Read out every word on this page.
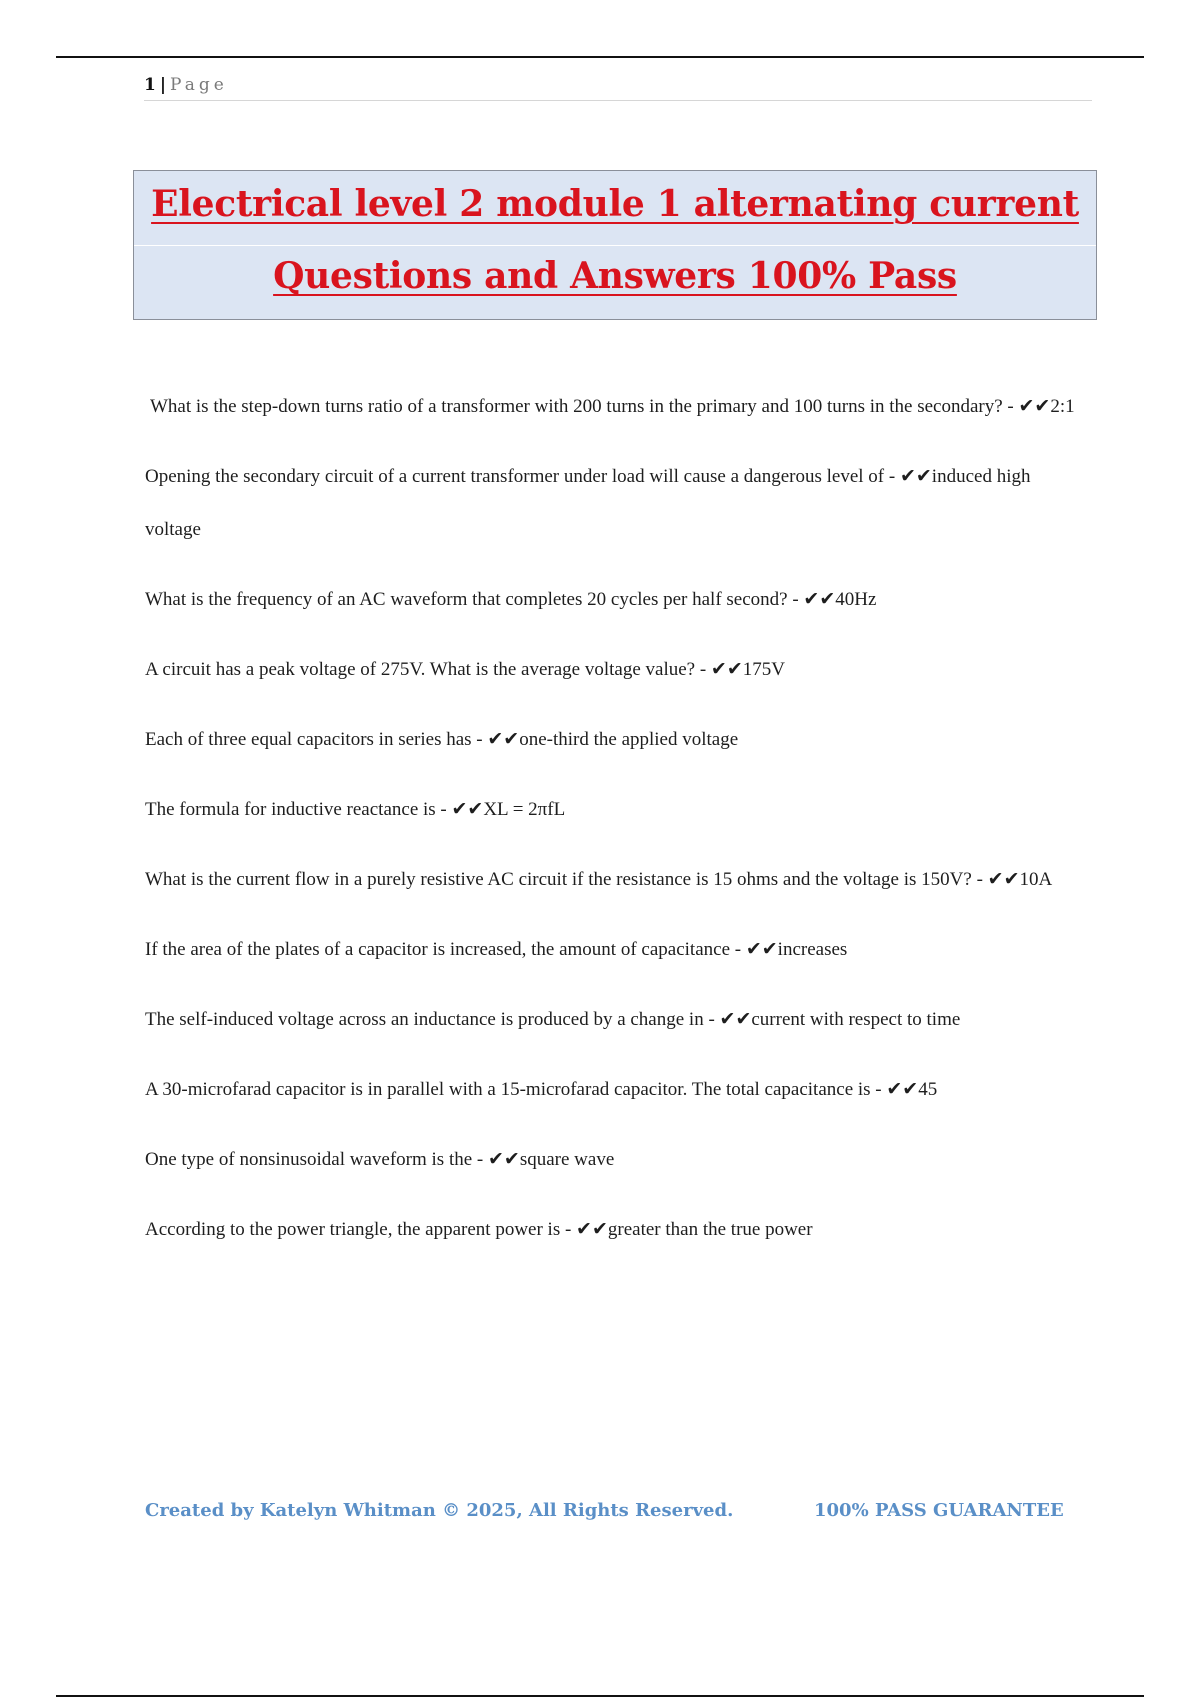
1 | Page
Electrical level 2 module 1 alternating current
Questions and Answers 100% Pass
What is the step-down turns ratio of a transformer with 200 turns in the primary and 100 turns in the secondary? - ✔✔2:1
Opening the secondary circuit of a current transformer under load will cause a dangerous level of - ✔✔induced high voltage
What is the frequency of an AC waveform that completes 20 cycles per half second? - ✔✔40Hz
A circuit has a peak voltage of 275V. What is the average voltage value? - ✔✔175V
Each of three equal capacitors in series has - ✔✔one-third the applied voltage
The formula for inductive reactance is - ✔✔XL = 2πfL
What is the current flow in a purely resistive AC circuit if the resistance is 15 ohms and the voltage is 150V? - ✔✔10A
If the area of the plates of a capacitor is increased, the amount of capacitance - ✔✔increases
The self-induced voltage across an inductance is produced by a change in - ✔✔current with respect to time
A 30-microfarad capacitor is in parallel with a 15-microfarad capacitor. The total capacitance is - ✔✔45
One type of nonsinusoidal waveform is the - ✔✔square wave
According to the power triangle, the apparent power is - ✔✔greater than the true power
Created by Katelyn Whitman © 2025, All Rights Reserved.	100% PASS GUARANTEE
